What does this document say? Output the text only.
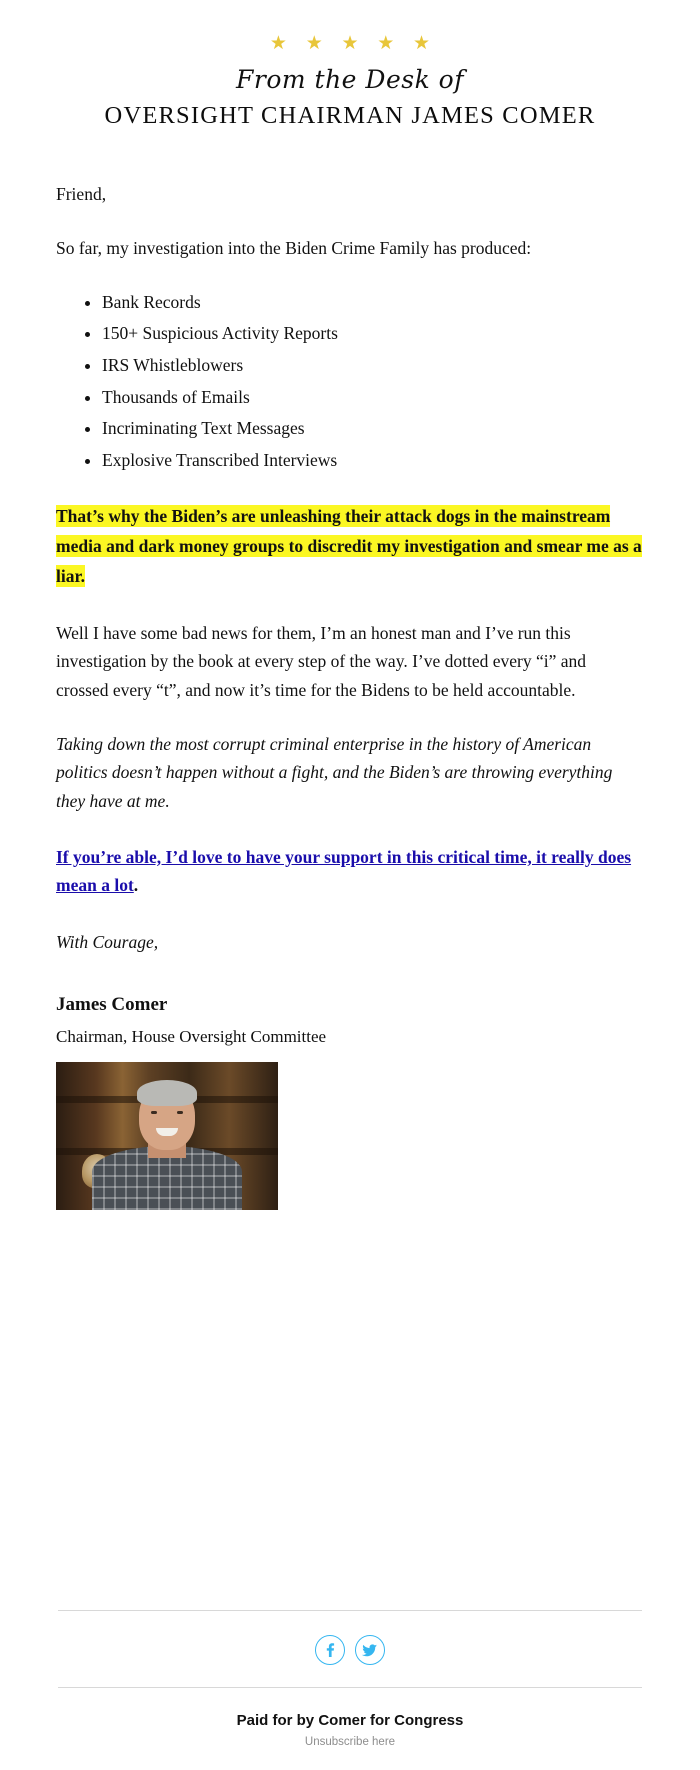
★ ★ ★ ★ ★
From the Desk of
OVERSIGHT CHAIRMAN JAMES COMER

Friend,

So far, my investigation into the Biden Crime Family has produced:

• Bank Records
• 150+ Suspicious Activity Reports
• IRS Whistleblowers
• Thousands of Emails
• Incriminating Text Messages
• Explosive Transcribed Interviews

That’s why the Biden’s are unleashing their attack dogs in the mainstream media and dark money groups to discredit my investigation and smear me as a liar.

Well I have some bad news for them, I’m an honest man and I’ve run this investigation by the book at every step of the way. I’ve dotted every “i” and crossed every “t”, and now it’s time for the Bidens to be held accountable.

Taking down the most corrupt criminal enterprise in the history of American politics doesn’t happen without a fight, and the Biden’s are throwing everything they have at me.

If you’re able, I’d love to have your support in this critical time, it really does mean a lot.

With Courage,

James Comer

Chairman, House Oversight Committee

Paid for by Comer for Congress
Unsubscribe here
